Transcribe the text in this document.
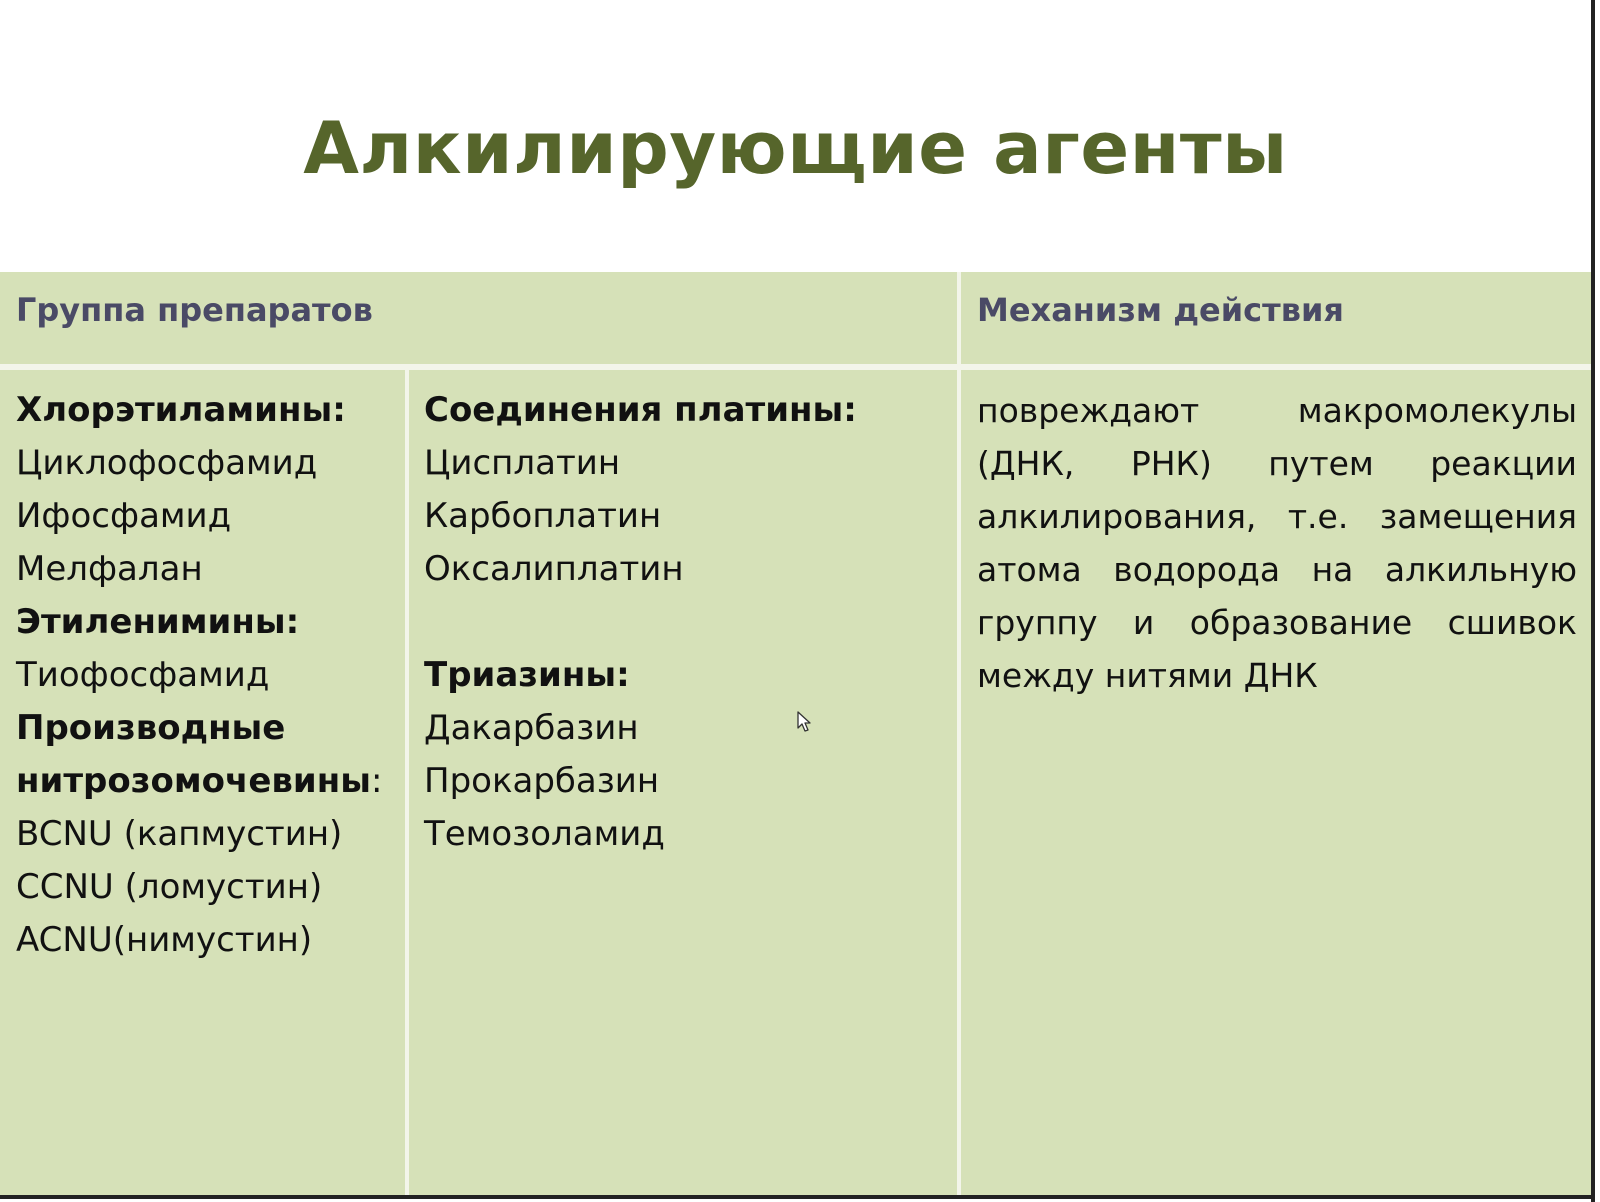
Алкилирующие агенты
Группа препаратов	Механизм действия
Хлорэтиламины:
Циклофосфамид
Ифосфамид
Мелфалан
Этиленимины:
Тиофосфамид
Производные
нитрозомочевины:
BCNU (капмустин)
CCNU (ломустин)
ACNU(нимустин)
Соединения платины:
Цисплатин
Карбоплатин
Оксалиплатин
Триазины:
Дакарбазин
Прокарбазин
Темозоламид
повреждают макромолекулы (ДНК, РНК) путем реакции алкилирования, т.е. замещения атома водорода на алкильную группу и образование сшивок между нитями ДНК
